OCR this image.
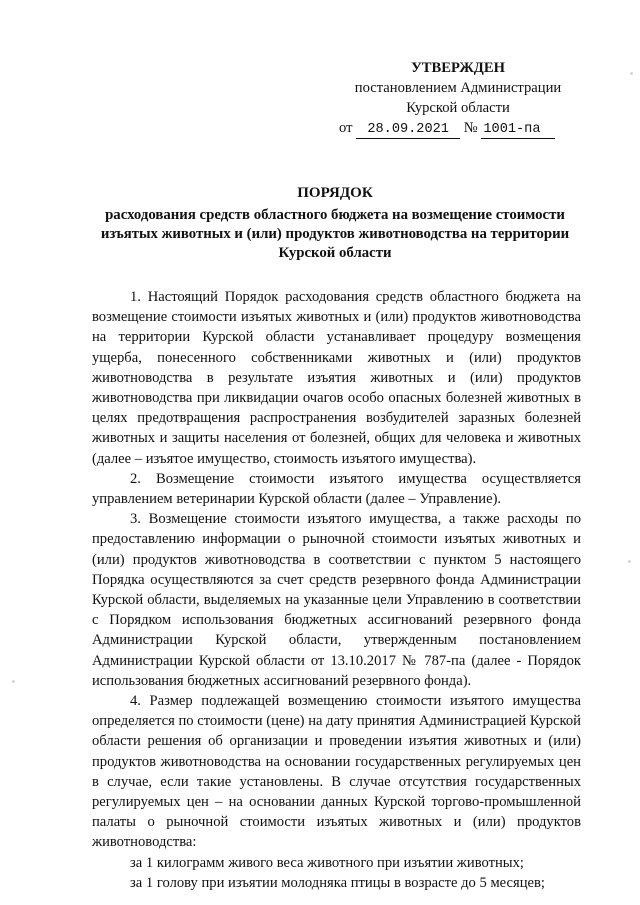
УТВЕРЖДЕН
постановлением Администрации
Курской области
от 28.09.2021 № 1001-па
ПОРЯДОК
расходования средств областного бюджета на возмещение стоимости изъятых животных и (или) продуктов животноводства на территории Курской области

1. Настоящий Порядок расходования средств областного бюджета на возмещение стоимости изъятых животных и (или) продуктов животноводства на территории Курской области устанавливает процедуру возмещения ущерба, понесенного собственниками животных и (или) продуктов животноводства в результате изъятия животных и (или) продуктов животноводства при ликвидации очагов особо опасных болезней животных в целях предотвращения распространения возбудителей заразных болезней животных и защиты населения от болезней, общих для человека и животных (далее – изъятое имущество, стоимость изъятого имущества).

2. Возмещение стоимости изъятого имущества осуществляется управлением ветеринарии Курской области (далее – Управление).

3. Возмещение стоимости изъятого имущества, а также расходы по предоставлению информации о рыночной стоимости изъятых животных и (или) продуктов животноводства в соответствии с пунктом 5 настоящего Порядка осуществляются за счет средств резервного фонда Администрации Курской области, выделяемых на указанные цели Управлению в соответствии с Порядком использования бюджетных ассигнований резервного фонда Администрации Курской области, утвержденным постановлением Администрации Курской области от 13.10.2017 № 787-па (далее - Порядок использования бюджетных ассигнований резервного фонда).

4. Размер подлежащей возмещению стоимости изъятого имущества определяется по стоимости (цене) на дату принятия Администрацией Курской области решения об организации и проведении изъятия животных и (или) продуктов животноводства на основании государственных регулируемых цен в случае, если такие установлены. В случае отсутствия государственных регулируемых цен – на основании данных Курской торгово-промышленной палаты о рыночной стоимости изъятых животных и (или) продуктов животноводства:

за 1 килограмм живого веса животного при изъятии животных;
за 1 голову при изъятии молодняка птицы в возрасте до 5 месяцев;
